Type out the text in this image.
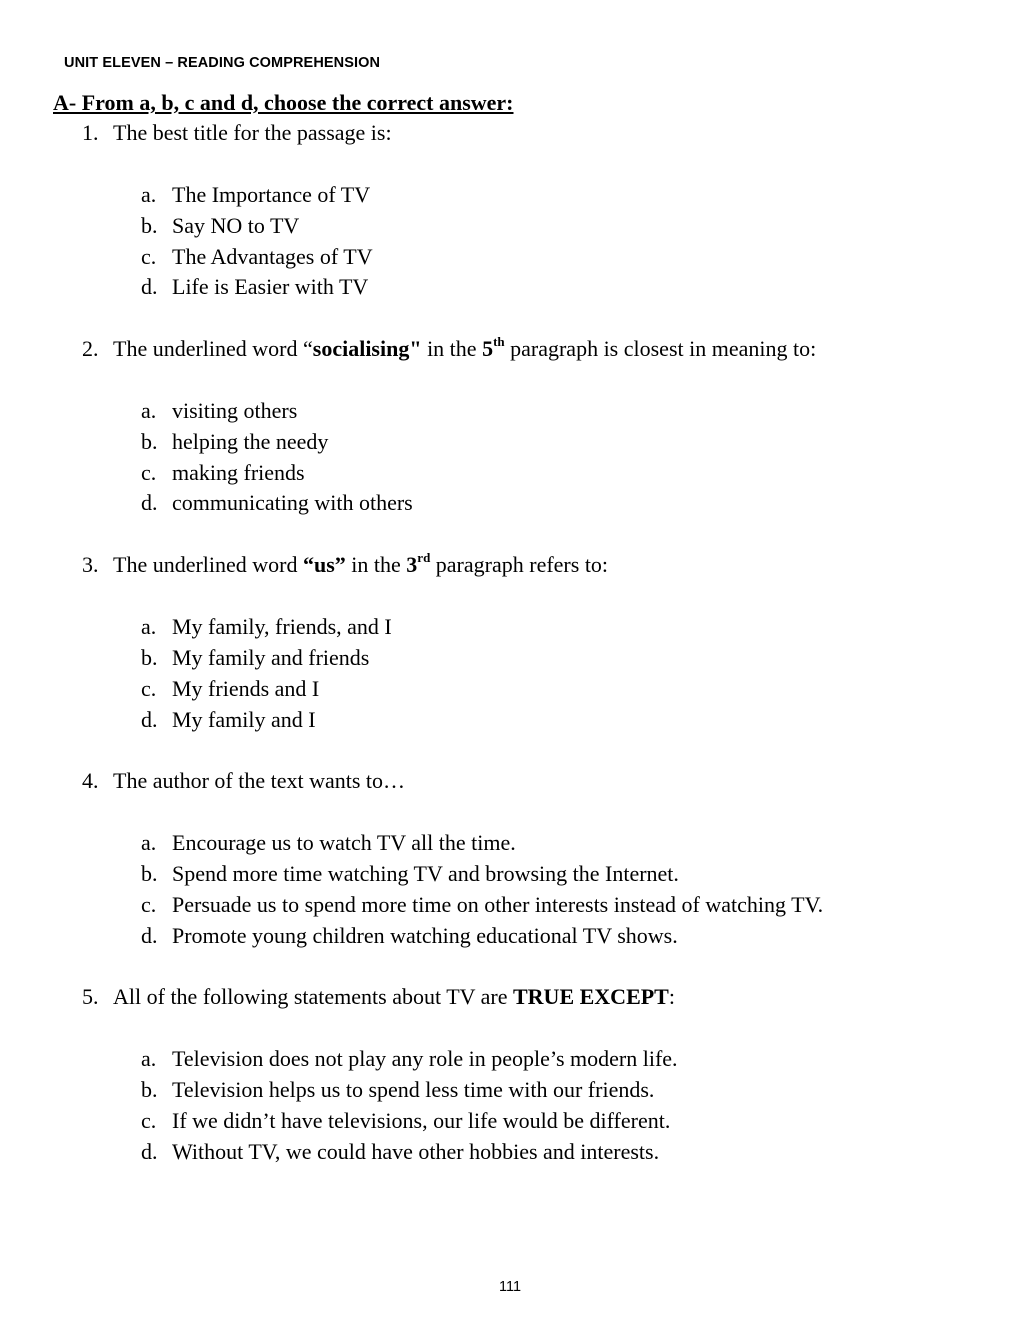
UNIT ELEVEN – READING COMPREHENSION
A- From a, b, c and d, choose the correct answer:
1. The best title for the passage is:
a. The Importance of TV
b. Say NO to TV
c. The Advantages of TV
d. Life is Easier with TV
2. The underlined word “socialising" in the 5th paragraph is closest in meaning to:
a. visiting others
b. helping the needy
c. making friends
d. communicating with others
3. The underlined word “us” in the 3rd paragraph refers to:
a. My family, friends, and I
b. My family and friends
c. My friends and I
d. My family and I
4. The author of the text wants to…
a. Encourage us to watch TV all the time.
b. Spend more time watching TV and browsing the Internet.
c. Persuade us to spend more time on other interests instead of watching TV.
d. Promote young children watching educational TV shows.
5. All of the following statements about TV are TRUE EXCEPT:
a. Television does not play any role in people’s modern life.
b. Television helps us to spend less time with our friends.
c. If we didn’t have televisions, our life would be different.
d. Without TV, we could have other hobbies and interests.
111
